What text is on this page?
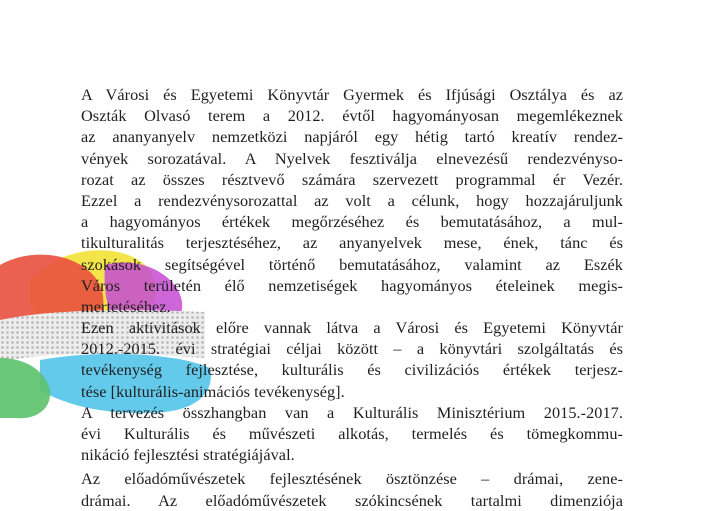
A Városi és Egyetemi Könyvtár Gyermek és Ifjúsági Osztálya és az
Oszták Olvasó terem a 2012. évtől hagyományosan megemlékeznek
az ananyanyelv nemzetközi napjáról egy hétig tartó kreatív rendez-
vények sorozatával. A Nyelvek fesztiválja elnevezésű rendezvényso-
rozat az összes résztvevő számára szervezett programmal ér Vezér.
Ezzel a rendezvénysorozattal az volt a célunk, hogy hozzajáruljunk
a hagyományos értékek megőrzéséhez és bemutatásához, a mul-
tikulturalitás terjesztéséhez, az anyanyelvek mese, ének, tánc és
szokások segítségével történő bemutatásához, valamint az Eszék
Város területén élő nemzetiségek hagyományos ételeinek megis-
mertetéséhez.
Ezen aktivitások előre vannak látva a Városi és Egyetemi Könyvtár
2012.-2015. évi stratégiai céljai között – a könyvtári szolgáltatás és
tevékenység fejlesztése, kulturális és civilizációs értékek terjesz-
tése [kulturális-animációs tevékenység].
A tervezés összhangban van a Kulturális Minisztérium 2015.-2017.
évi Kulturális és művészeti alkotás, termelés és tömegkommu-
nikáció fejlesztési stratégiájával.
Az előadóművészetek fejlesztésének ösztönzése – drámai, zene-
drámai. Az előadóművészetek szókincsének tartalmi dimenziója
